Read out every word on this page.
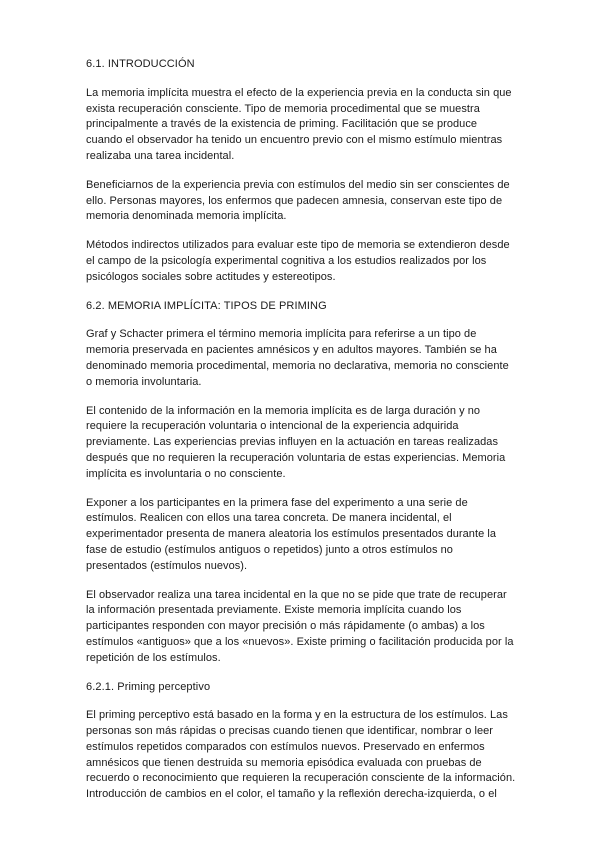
6.1. INTRODUCCIÓN

La memoria implícita muestra el efecto de la experiencia previa en la conducta sin que exista recuperación consciente. Tipo de memoria procedimental que se muestra principalmente a través de la existencia de priming. Facilitación que se produce cuando el observador ha tenido un encuentro previo con el mismo estímulo mientras realizaba una tarea incidental.

Beneficiarnos de la experiencia previa con estímulos del medio sin ser conscientes de ello. Personas mayores, los enfermos que padecen amnesia, conservan este tipo de memoria denominada memoria implícita.

Métodos indirectos utilizados para evaluar este tipo de memoria se extendieron desde el campo de la psicología experimental cognitiva a los estudios realizados por los psicólogos sociales sobre actitudes y estereotipos.

6.2. MEMORIA IMPLÍCITA: TIPOS DE PRIMING

Graf y Schacter primera el término memoria implícita para referirse a un tipo de memoria preservada en pacientes amnésicos y en adultos mayores. También se ha denominado memoria procedimental, memoria no declarativa, memoria no consciente o memoria involuntaria.

El contenido de la información en la memoria implícita es de larga duración y no requiere la recuperación voluntaria o intencional de la experiencia adquirida previamente. Las experiencias previas influyen en la actuación en tareas realizadas después que no requieren la recuperación voluntaria de estas experiencias. Memoria implícita es involuntaria o no consciente.

Exponer a los participantes en la primera fase del experimento a una serie de estímulos. Realicen con ellos una tarea concreta. De manera incidental, el experimentador presenta de manera aleatoria los estímulos presentados durante la fase de estudio (estímulos antiguos o repetidos) junto a otros estímulos no presentados (estímulos nuevos).

El observador realiza una tarea incidental en la que no se pide que trate de recuperar la información presentada previamente. Existe memoria implícita cuando los participantes responden con mayor precisión o más rápidamente (o ambas) a los estímulos «antiguos» que a los «nuevos». Existe priming o facilitación producida por la repetición de los estímulos.

6.2.1. Priming perceptivo

El priming perceptivo está basado en la forma y en la estructura de los estímulos. Las personas son más rápidas o precisas cuando tienen que identificar, nombrar o leer estímulos repetidos comparados con estímulos nuevos. Preservado en enfermos amnésicos que tienen destruida su memoria episódica evaluada con pruebas de recuerdo o reconocimiento que requieren la recuperación consciente de la información. Introducción de cambios en el color, el tamaño y la reflexión derecha-izquierda, o el
